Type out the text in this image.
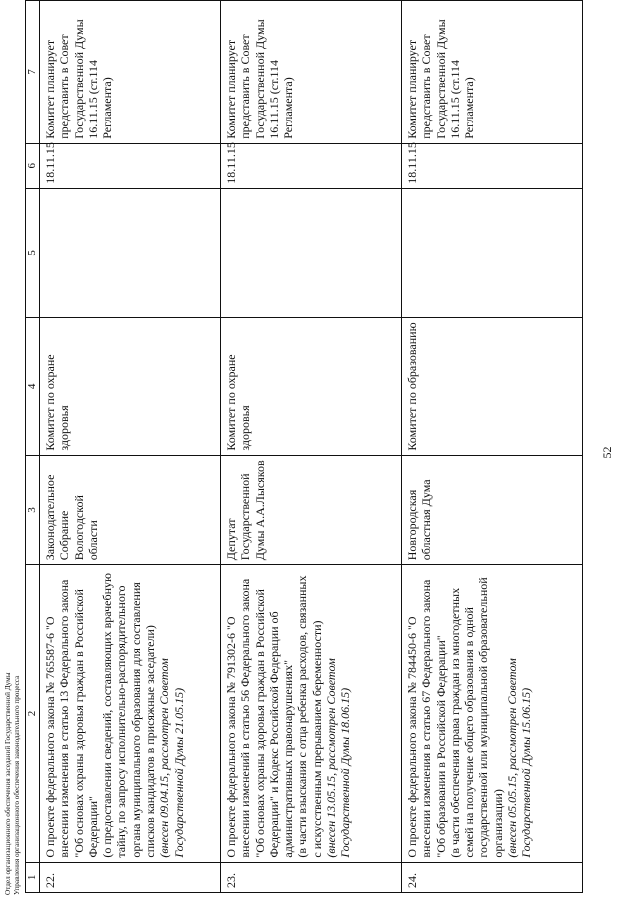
52
Отдел организационного обеспечения заседаний Государственной Думы Управления организационного обеспечения законодательного процесса 1	2	3	4	5	6	7
22.	О проекте федерального закона № 765587-6 "О внесении изменения в статью 13 Федерального закона "Об основах охраны здоровья граждан в Российской Федерации" (о предоставлении сведений, составляющих врачебную тайну, по запросу исполнительно-распорядительного органа муниципального образования для составления списков кандидатов в присяжные заседатели) (внесен 09.04.15, рассмотрен Советом Государственной Думы 21.05.15)	Законодательное Собрание Вологодской области	Комитет по охране здоровья		18.11.15	Комитет планирует представить в Совет Государственной Думы 16.11.15 (ст.114 Регламента)
23.	О проекте федерального закона № 791302-6 "О внесении изменений в статью 56 Федерального закона "Об основах охраны здоровья граждан в Российской Федерации" и Кодекс Российской Федерации об административных правонарушениях" (в части взыскания с отца ребенка расходов, связанных с искусственным прерыванием беременности) (внесен 13.05.15, рассмотрен Советом Государственной Думы 18.06.15)	Депутат Государственной Думы А.А.Лысяков	Комитет по охране здоровья		18.11.15	Комитет планирует представить в Совет Государственной Думы 16.11.15 (ст.114 Регламента)
24.	О проекте федерального закона № 784450-6 "О внесении изменения в статью 67 Федерального закона "Об образовании в Российской Федерации" (в части обеспечения права граждан из многодетных семей на получение общего образования в одной государственной или муниципальной образовательной организации) (внесен 05.05.15, рассмотрен Советом Государственной Думы 15.06.15)	Новгородская областная Дума	Комитет по образованию		18.11.15	Комитет планирует представить в Совет Государственной Думы 16.11.15 (ст.114 Регламента)
